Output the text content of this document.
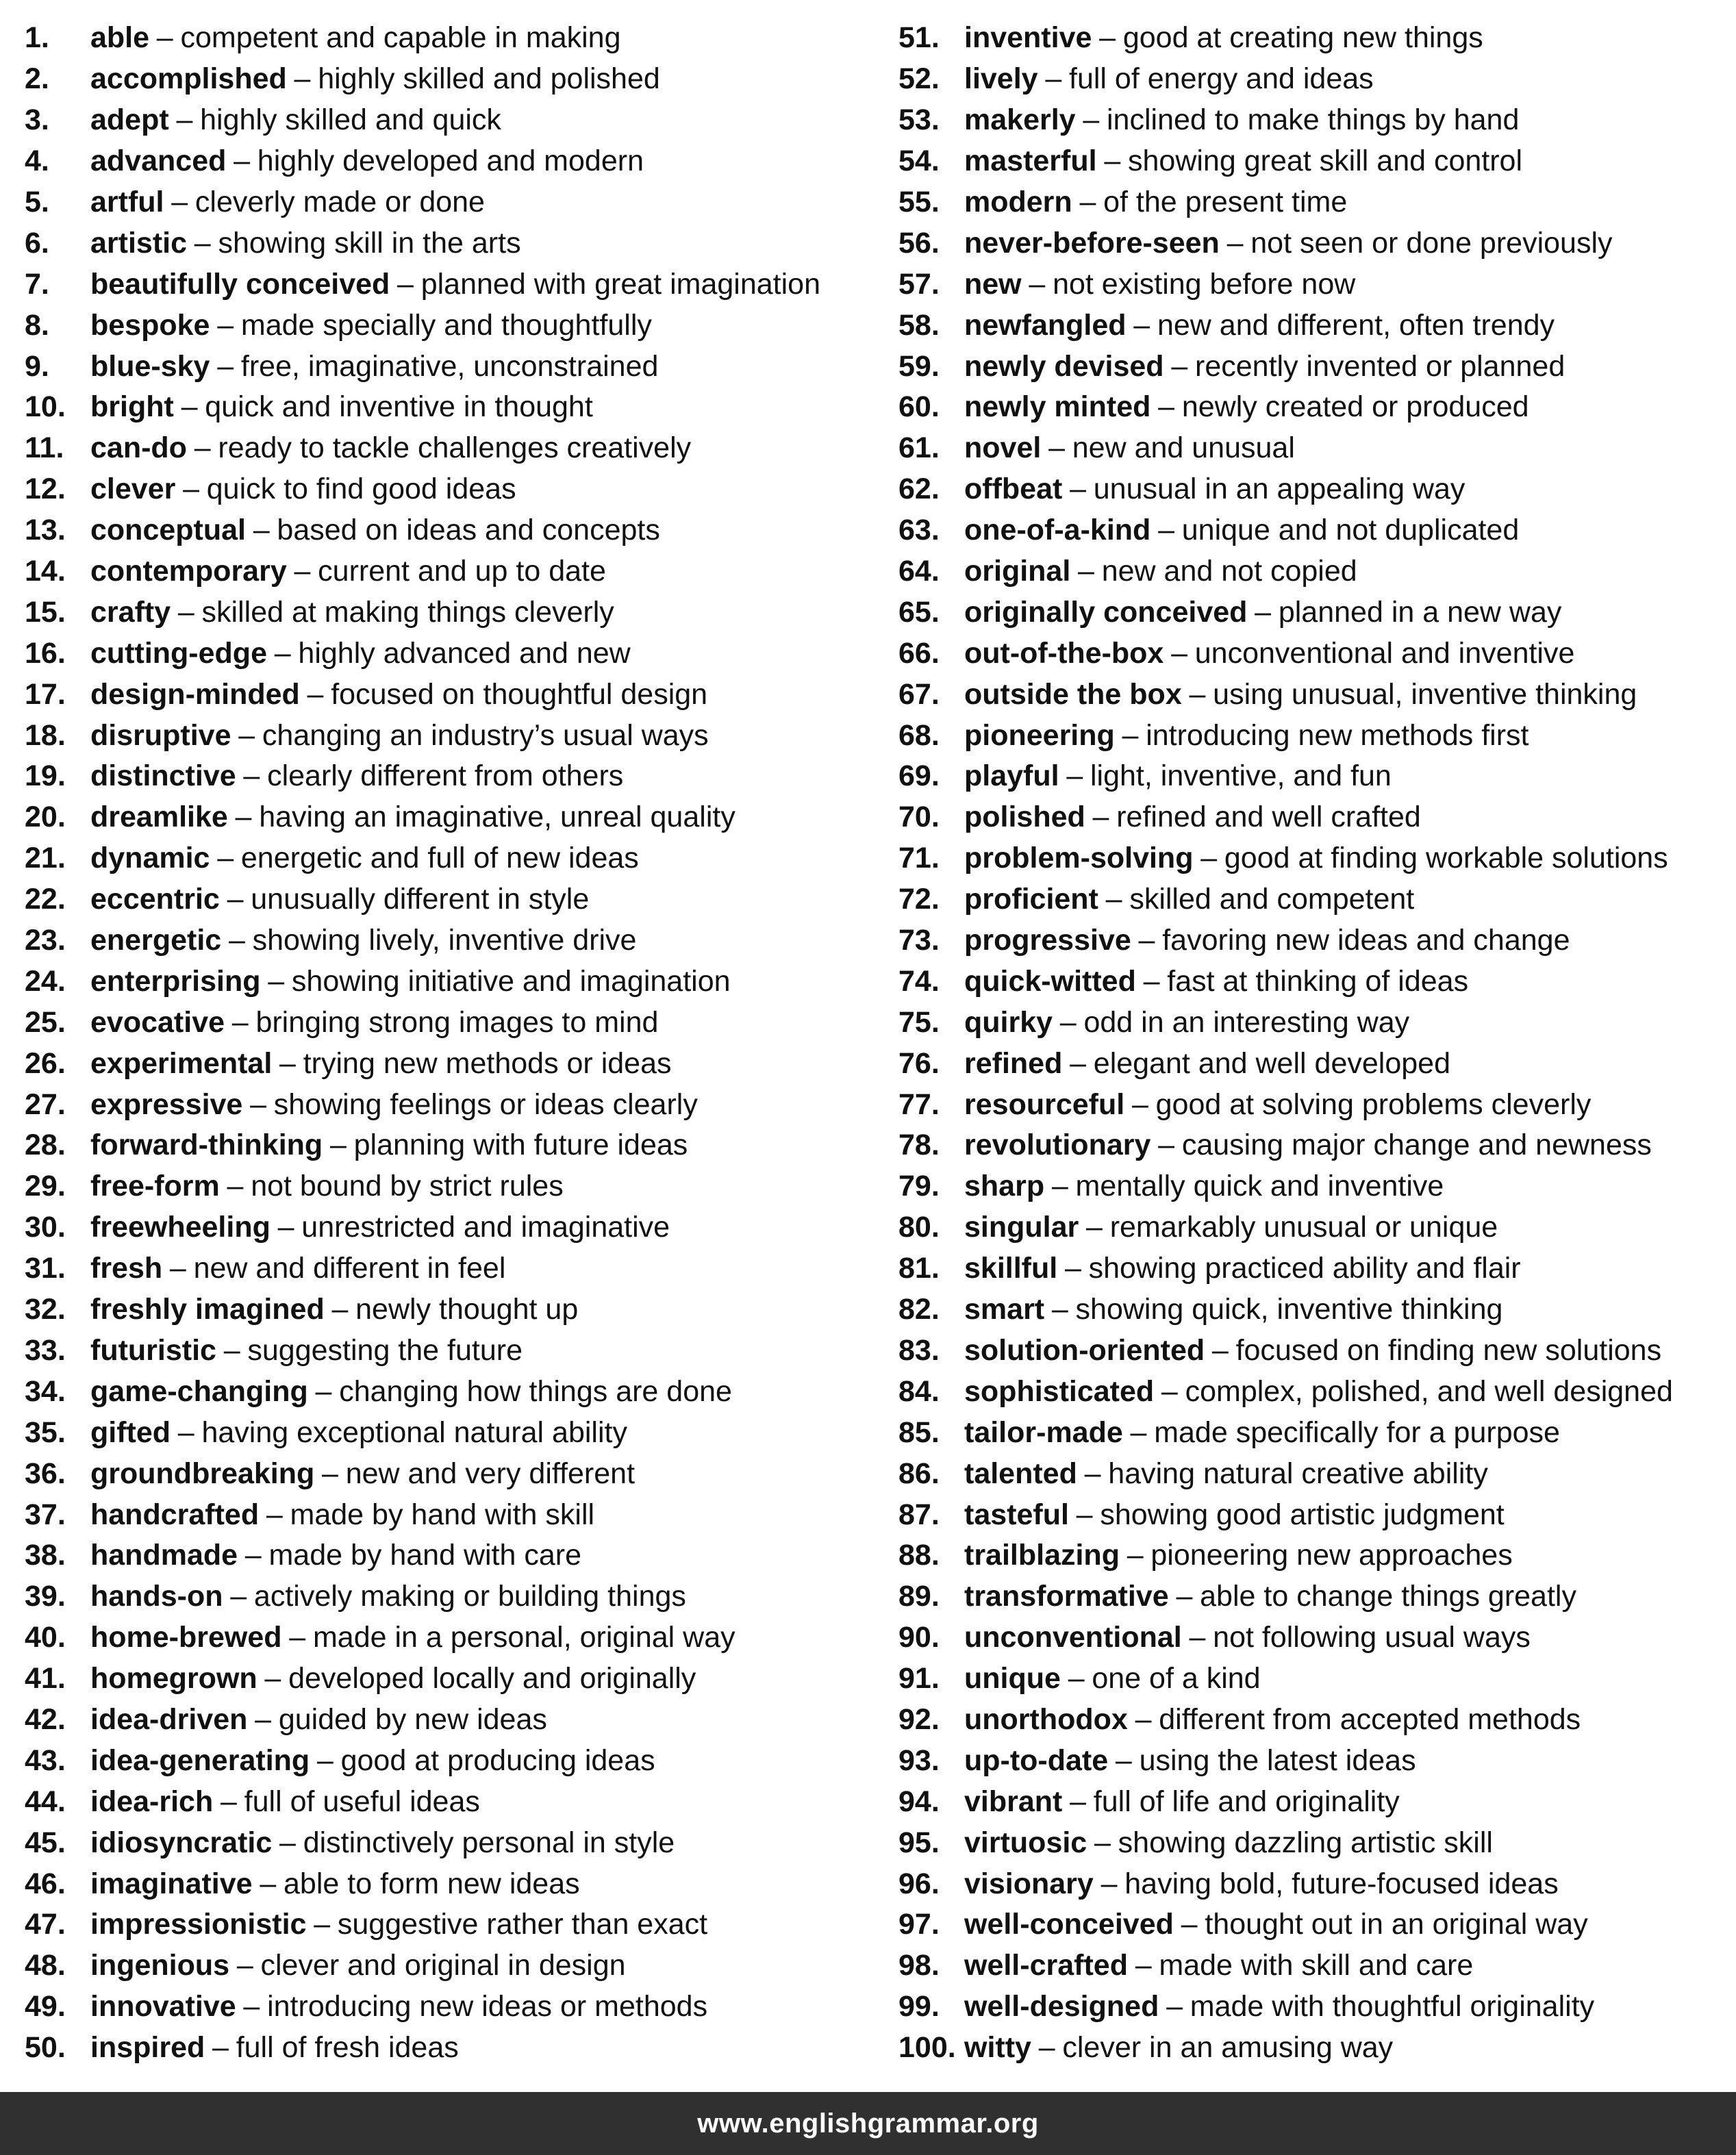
1.	able – competent and capable in making
2.	accomplished – highly skilled and polished
3.	adept – highly skilled and quick
4.	advanced – highly developed and modern
5.	artful – cleverly made or done
6.	artistic – showing skill in the arts
7.	beautifully conceived – planned with great imagination
8.	bespoke – made specially and thoughtfully
9.	blue-sky – free, imaginative, unconstrained
10. bright – quick and inventive in thought
11. can-do – ready to tackle challenges creatively
12. clever – quick to find good ideas
13. conceptual – based on ideas and concepts
14. contemporary – current and up to date
15. crafty – skilled at making things cleverly
16. cutting-edge – highly advanced and new
17. design-minded – focused on thoughtful design
18. disruptive – changing an industry’s usual ways
19. distinctive – clearly different from others
20. dreamlike – having an imaginative, unreal quality
21. dynamic – energetic and full of new ideas
22. eccentric – unusually different in style
23. energetic – showing lively, inventive drive
24. enterprising – showing initiative and imagination
25. evocative – bringing strong images to mind
26. experimental – trying new methods or ideas
27. expressive – showing feelings or ideas clearly
28. forward-thinking – planning with future ideas
29. free-form – not bound by strict rules
30. freewheeling – unrestricted and imaginative
31. fresh – new and different in feel
32. freshly imagined – newly thought up
33. futuristic – suggesting the future
34. game-changing – changing how things are done
35. gifted – having exceptional natural ability
36. groundbreaking – new and very different
37. handcrafted – made by hand with skill
38. handmade – made by hand with care
39. hands-on – actively making or building things
40. home-brewed – made in a personal, original way
41. homegrown – developed locally and originally
42. idea-driven – guided by new ideas
43. idea-generating – good at producing ideas
44. idea-rich – full of useful ideas
45. idiosyncratic – distinctively personal in style
46. imaginative – able to form new ideas
47. impressionistic – suggestive rather than exact
48. ingenious – clever and original in design
49. innovative – introducing new ideas or methods
50. inspired – full of fresh ideas
51. inventive – good at creating new things
52. lively – full of energy and ideas
53. makerly – inclined to make things by hand
54. masterful – showing great skill and control
55. modern – of the present time
56. never-before-seen – not seen or done previously
57. new – not existing before now
58. newfangled – new and different, often trendy
59. newly devised – recently invented or planned
60. newly minted – newly created or produced
61. novel – new and unusual
62. offbeat – unusual in an appealing way
63. one-of-a-kind – unique and not duplicated
64. original – new and not copied
65. originally conceived – planned in a new way
66. out-of-the-box – unconventional and inventive
67. outside the box – using unusual, inventive thinking
68. pioneering – introducing new methods first
69. playful – light, inventive, and fun
70. polished – refined and well crafted
71. problem-solving – good at finding workable solutions
72. proficient – skilled and competent
73. progressive – favoring new ideas and change
74. quick-witted – fast at thinking of ideas
75. quirky – odd in an interesting way
76. refined – elegant and well developed
77. resourceful – good at solving problems cleverly
78. revolutionary – causing major change and newness
79. sharp – mentally quick and inventive
80. singular – remarkably unusual or unique
81. skillful – showing practiced ability and flair
82. smart – showing quick, inventive thinking
83. solution-oriented – focused on finding new solutions
84. sophisticated – complex, polished, and well designed
85. tailor-made – made specifically for a purpose
86. talented – having natural creative ability
87. tasteful – showing good artistic judgment
88. trailblazing – pioneering new approaches
89. transformative – able to change things greatly
90. unconventional – not following usual ways
91. unique – one of a kind
92. unorthodox – different from accepted methods
93. up-to-date – using the latest ideas
94. vibrant – full of life and originality
95. virtuosic – showing dazzling artistic skill
96. visionary – having bold, future-focused ideas
97. well-conceived – thought out in an original way
98. well-crafted – made with skill and care
99. well-designed – made with thoughtful originality
100. witty – clever in an amusing way
www.englishgrammar.org
